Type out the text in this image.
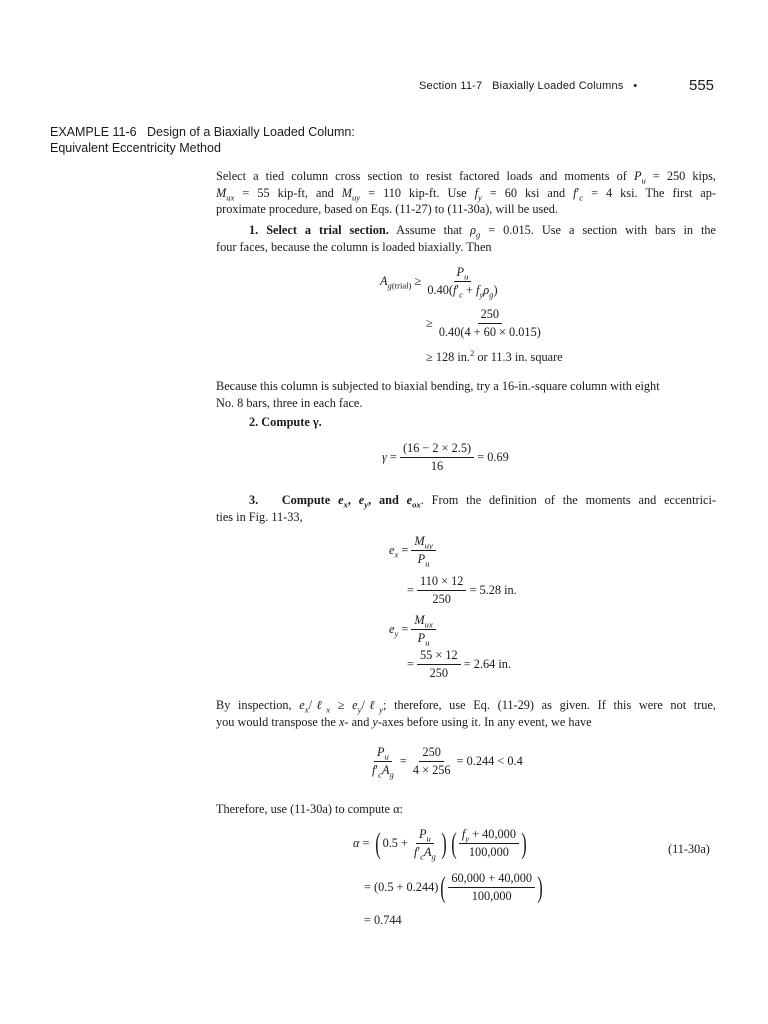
Section 11-7 Biaxially Loaded Columns •	555
EXAMPLE 11-6   Design of a Biaxially Loaded Column:
Equivalent Eccentricity Method
Select a tied column cross section to resist factored loads and moments of $P_u = 250$ kips,
$M_{ux} = 55$ kip-ft, and $M_{uy} = 110$ kip-ft. Use $f_y = 60$ ksi and $f'_c = 4$ ksi. The first ap-
proximate procedure, based on Eqs. (11-27) to (11-30a), will be used.
1. Select a trial section. Assume that $\rho_g = 0.015$. Use a section with bars in the
four faces, because the column is loaded biaxially. Then
$A_{g(trial)} \ge \frac{P_u}{0.40(f'_c + f_y\rho_g)}$
≥ $\frac{250}{0.40(4 + 60 \times 0.015)}$
≥ 128 in.$^2$ or 11.3 in. square
Because this column is subjected to biaxial bending, try a 16-in.-square column with eight
No. 8 bars, three in each face.
2. Compute γ.
$\gamma = \frac{(16 - 2 \times 2.5)}{16} = 0.69$
3.   Compute $e_x$, $e_y$, and $e_{ox}$. From the definition of the moments and eccentrici-
ties in Fig. 11-33,
$e_x = \frac{M_{uy}}{P_u}$
= $\frac{110 \times 12}{250} = 5.28$ in.
$e_y = \frac{M_{ux}}{P_u}$
= $\frac{55 \times 12}{250} = 2.64$ in.
By inspection, $e_x/\ell_x$ ≥ $e_y/\ell_y$; therefore, use Eq. (11-29) as given. If this were not true,
you would transpose the x- and y-axes before using it. In any event, we have
$\frac{P_u}{f'_cA_g} = \frac{250}{4 \times 256} = 0.244 < 0.4$
Therefore, use (11-30a) to compute α:
α = ( 0.5 +
$\frac{P_u}{f'_cA_g}$ ) ( $\frac{f_y + 40,000}{100,000}$ )	(11-30a)
= (0.5 + 0.244) ( $\frac{60,000 + 40,000}{100,000}$ )
= 0.744
